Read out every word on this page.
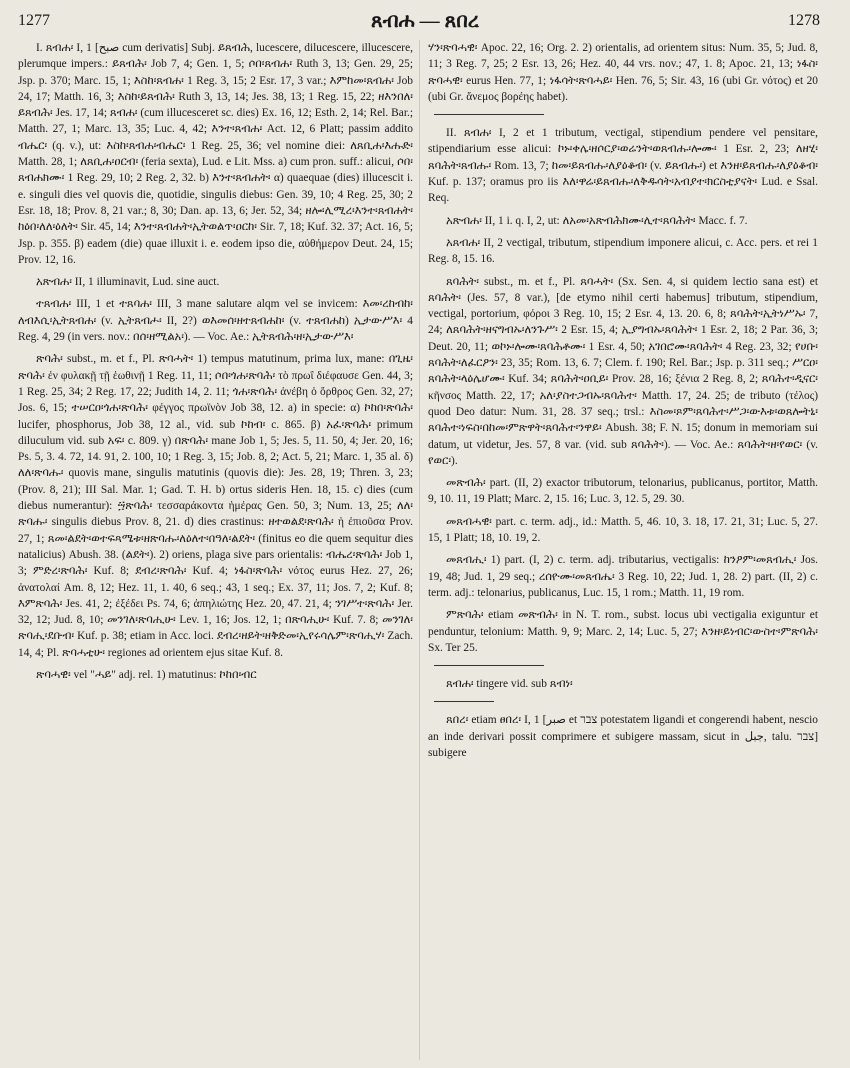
1277	ጸብሐ — ጸበረ	1278

I. ጸብሐ፡ I, 1 [صبح cum derivatis] Subj. ይጸብሕ, lucescere, dilucescere, illucescere, plerumque impers.: ይጸብሕ፡ Job 7, 4; Gen. 1, 5; ሶበ፡ጸብሐ፡ Ruth 3, 13; Gen. 29, 25; Jsp. p. 370; Marc. 15, 1; እስከ፡ጸብሐ፡ 1 Reg. 3, 15; 2 Esr. 17, 3 var.; እምከመ፡ጸብሐ፡ Job 24, 17; Matth. 16, 3; እስከ፡ይጸብሕ፡ Ruth 3, 13, 14; Jes. 38, 13; 1 Reg. 15, 22; ዘእንበለ፡ይጸብሕ፡ Jes. 17, 14; ጸብሐ፡ (cum illucesceret sc. dies) Ex. 16, 12; Esth. 2, 14; Rel. Bar.; Matth. 27, 1; Marc. 13, 35; Luc. 4, 42; እንተ፡ጸብሐ፡ Act. 12, 6 Platt; passim addito ብሔር፡ (q. v.), ut: እስከ፡ጸብሐ፡ብሔር፡ 1 Reg. 25, 36; vel nomine diei: ለጸቢሐ፡እሑድ፡ Matth. 28, 1; ለጸቢሐ፡ዐርብ፡ (feria sexta), Lud. e Lit. Mss. a) cum pron. suff.: alicui, ሶበ፡ጸብሐክሙ፡ 1 Reg. 29, 10; 2 Reg. 2, 32. b) እንተ፡ጸብሐት፡ α) quaequae (dies) illucescit i. e. singuli dies vel quovis die, quotidie, singulis diebus: Gen. 39, 10; 4 Reg. 25, 30; 2 Esr. 18, 18; Prov. 8, 21 var.; 8, 30; Dan. ap. 13, 6; Jer. 52, 34; ዘሎ፡ሊሚረ፡እንተ፡ጸብሐት፡ከዕበ፡ለለ፡ዕለት፡ Sir. 45, 14; እንተ፡ጸብሐት፡ኢትወልጥ፡ዐርከ፡ Sir. 7, 18; Kuf. 32. 37; Act. 16, 5; Jsp. p. 355. β) eadem (die) quae illuxit i. e. eodem ipso die, αὐθήμερον Deut. 24, 15; Prov. 12, 16.

አጽብሐ፡ II, 1 illuminavit, Lud. sine auct.

ተጸብሐ፡ III, 1 et ተጸባሐ፡ III, 3 mane salutare alqm vel se invicem: እመ፡ረከብከ፡ለብእሲ፡ኢትጸብሐ፡ (v. ኢትጸብሖ፡ II, 2?) ወእመሰ፡ዘተጸብሐከ፡ (v. ተጸብሐከ) ኢታውሥእ፡ 4 Reg. 4, 29 (in vers. nov.: በሰ፡ዘሚልአ፡). — Voc. Ae.: ኢትጸብሕ፡ዘ፡ኢታውሥእ፡

ጽባሕ፡ subst., m. et f., Pl. ጽባሓት፡ 1) tempus matutinum, prima lux, mane: በጊዜ፡ጽባሕ፡ ἐν φυλακῇ τῇ ἑωθινῇ 1 Reg. 11, 11; ሶበ፡ጎሐ፡ጽባሕ፡ τὸ πρωΐ διέφαυσε Gen. 44, 3; 1 Reg. 25, 34; 2 Reg. 17, 22; Judith 14, 2. 11; ጎሐ፡ጽባሕ፡ ἀνέβη ὁ ὄρθρος Gen. 32, 27; Jos. 6, 15; ተሠርዐ፡ጎሐ፡ጽባሕ፡ φέγγος πρωϊνὸν Job 38, 12. a) in specie: α) ኮከበ፡ጽባሕ፡ lucifer, phosphorus, Job 38, 12 al., vid. sub ኮከብ፡ c. 865. β) አፈ፡ጽባሕ፡ primum diluculum vid. sub አፍ፡ c. 809. γ) በጽባሕ፡ mane Job 1, 5; Jes. 5, 11. 50, 4; Jer. 20, 16; Ps. 5, 3. 4. 72, 14. 91, 2. 100, 10; 1 Reg. 3, 15; Job. 8, 2; Act. 5, 21; Marc. 1, 35 al. δ) ለለ፡ጽባሑ፡ quovis mane, singulis matutinis (quovis die): Jes. 28, 19; Thren. 3, 23; (Prov. 8, 21); III Sal. Mar. 1; Gad. T. H. b) ortus sideris Hen. 18, 15. c) dies (cum diebus numerantur): ፵ጽባሕ፡ τεσσαράκοντα ἡμέρας Gen. 50, 3; Num. 13, 25; ለለ፡ጽባሑ፡ singulis diebus Prov. 8, 21. d) dies crastinus: ዘተወልደ፡ጽባሕ፡ ἡ ἐπιοῦσα Prov. 27, 1; ጸመ፡ልደት፡ወተፍጻሜቱ፡ዘጽባሑ፡ለዕለተ፡በዓለ፡ልደት፡ (finitus eo die quem sequitur dies natalicius) Abush. 38. (ልደት፡). 2) oriens, plaga sive pars orientalis: ብሔረ፡ጽባሕ፡ Job 1, 3; ምድረ፡ጽባሕ፡ Kuf. 8; ደብረ፡ጽባሕ፡ Kuf. 4; ነፋስ፡ጽባሕ፡ νότος eurus Hez. 27, 26; ἀνατολαί Am. 8, 12; Hez. 11, 1. 40, 6 seq.; 43, 1 seq.; Ex. 37, 11; Jos. 7, 2; Kuf. 8; እምጽባሕ፡ Jes. 41, 2; ἐξέδει Ps. 74, 6; ἀπηλιώτης Hez. 20, 47. 21, 4; ንገሥተ፡ጽባሕ፡ Jer. 32, 12; Jud. 8, 10; መንገለ፡ጽባሒሁ፡ Lev. 1, 16; Jos. 12, 1; በጽባሒሁ፡ Kuf. 7. 8; መንገለ፡ጽባሒ፡ደቡብ፡ Kuf. p. 38; etiam in Acc. loci. ደብረ፡ዘይት፡ዘቅድመ፡ኢየሩሳሌም፡ጽባሒሃ፡ Zach. 14, 4; Pl. ጽባሓቲሁ፡ regiones ad orientem ejus sitae Kuf. 8.

ጽባሓዊ፡ vel "ሓይ" adj. rel. 1) matutinus: ኮከበ፡ብር

ሃን፡ጽባሓዊ፡ Apoc. 22, 16; Org. 2. 2) orientalis, ad orientem situs: Num. 35, 5; Jud. 8, 11; 3 Reg. 7, 25; 2 Esr. 13, 26; Hez. 40, 44 vrs. nov.; 47, 1. 8; Apoc. 21, 13; ነፋስ፡ጽባሓዊ፡ eurus Hen. 77, 1; ነፋሳት፡ጽባሓይ፡ Hen. 76, 5; Sir. 43, 16 (ubi Gr. νότος) et 20 (ubi Gr. ἄνεμος βορέης habet).

II. ጸብሐ፡ I, 2 et 1 tributum, vectigal, stipendium pendere vel pensitare, stipendiarium esse alicui: ኮኑ፡ቀሌ፡ዘሶርያ፡ወሬንት፡ወጸብሑ፡ሎሙ፡ 1 Esr. 2, 23; ለዘሂ፡ጸባሕት፡ጸብሑ፡ Rom. 13, 7; ከመ፡ይጸብሑ፡ለያዕቆብ፡ (v. ይጸብሑ፡) et እንዘ፡ይጸብሑ፡ለያዕቆብ፡ Kuf. p. 137; oramus pro iis እለ፡ዋሬ፡ይጸብሑ፡ለቅዱሳት፡አብያተ፡ክርስቲያናት፡ Lud. e Ssal. Req.

አጽብሐ፡ II, 1 i. q. I, 2, ut: ለአመ፡አጽብሕክሙ፡ሊተ፡ጸባሕት፡ Macc. f. 7.

አጸብሐ፡ II, 2 vectigal, tributum, stipendium imponere alicui, c. Acc. pers. et rei 1 Reg. 8, 15. 16.

ጸባሕት፡ subst., m. et f., Pl. ጸባሓት፡ (Sx. Sen. 4, si quidem lectio sana est) et ጸባሕት፡ (Jes. 57, 8 var.), [de etymo nihil certi habemus] tributum, stipendium, vectigal, portorium, φόροι 3 Reg. 10, 15; 2 Esr. 4, 13. 20. 6, 8; ጸባሕት፡ኢትነሥኡ፡ 7, 24; ለጸባሕት፡ዘናግብኡ፡ለንጉሥ፡ 2 Esr. 15, 4; ኢያግብኡ፡ጸባሕት፡ 1 Esr. 2, 18; 2 Par. 36, 3; Deut. 20, 11; ወኮኑ፡ሎሙ፡ጸባሕቶሙ፡ 1 Esr. 4, 50; አገበሮሙ፡ጸባሕት፡ 4 Reg. 23, 32; የሀቡ፡ጸባሕት፡ለፈርዖን፡ 23, 35; Rom. 13, 6. 7; Clem. f. 190; Rel. Bar.; Jsp. p. 311 seq.; ሥርዐ፡ጸባሕት፡ላዕሌሆሙ፡ Kuf. 34; ጸባሕት፡ዐቢይ፡ Prov. 28, 16; ξένια 2 Reg. 8, 2; ጸባሕተ፡ዲናር፡ κῆνσος Matth. 22, 17; አለ፡ያስተጋብኡ፡ጸባሕተ፡ Matth. 17, 24. 25; de tributo (τέλος) quod Deo datur: Num. 31, 28. 37 seq.; trsl.: እስመ፡ጾም፡ጸባሕተ፡ሥጋ፡ውእቱ፡ወጸሎትኒ፡ጸባሕተ፡ነፍስ፡በከመ፡ምጽዋት፡ጸባሕተ፡ንዋይ፡ Abush. 38; F. N. 15; donum in memoriam sui datum, ut videtur, Jes. 57, 8 var. (vid. sub ጸባሕት፡). — Voc. Ae.: ጸባሕት፡ዘ፡የወር፡ (v. የወር፡).

መጽብሕ፡ part. (II, 2) exactor tributorum, telonarius, publicanus, portitor, Matth. 9, 10. 11, 19 Platt; Marc. 2, 15. 16; Luc. 3, 12. 5, 29. 30.

መጸብሓዊ፡ part. c. term. adj., id.: Matth. 5, 46. 10, 3. 18, 17. 21, 31; Luc. 5, 27. 15, 1 Platt; 18, 10. 19, 2.

መጸብሒ፡ 1) part. (I, 2) c. term. adj. tributarius, vectigalis: ከንዖም፡መጸብሒ፡ Jos. 19, 48; Jud. 1, 29 seq.; ረሰዮሙ፡መጸብሔ፡ 3 Reg. 10, 22; Jud. 1, 28. 2) part. (II, 2) c. term. adj.: telonarius, publicanus, Luc. 15, 1 rom.; Matth. 11, 19 rom.

ምጽባሕ፡ etiam መጽብሕ፡ in N. T. rom., subst. locus ubi vectigalia exiguntur et penduntur, telonium: Matth. 9, 9; Marc. 2, 14; Luc. 5, 27; እንዘ፡ይነብር፡ውስተ፡ምጽባሕ፡ Sx. Ter 25.

ጸብሐ፡ tingere vid. sub ጸብነ፡

ጸበረ፡ etiam ፀበረ፡ I, 1 [صبر et צבר potestatem ligandi et congerendi habent, nescio an inde derivari possit comprimere et subigere massam, sicut in جبل, talu. צבר] subigere
